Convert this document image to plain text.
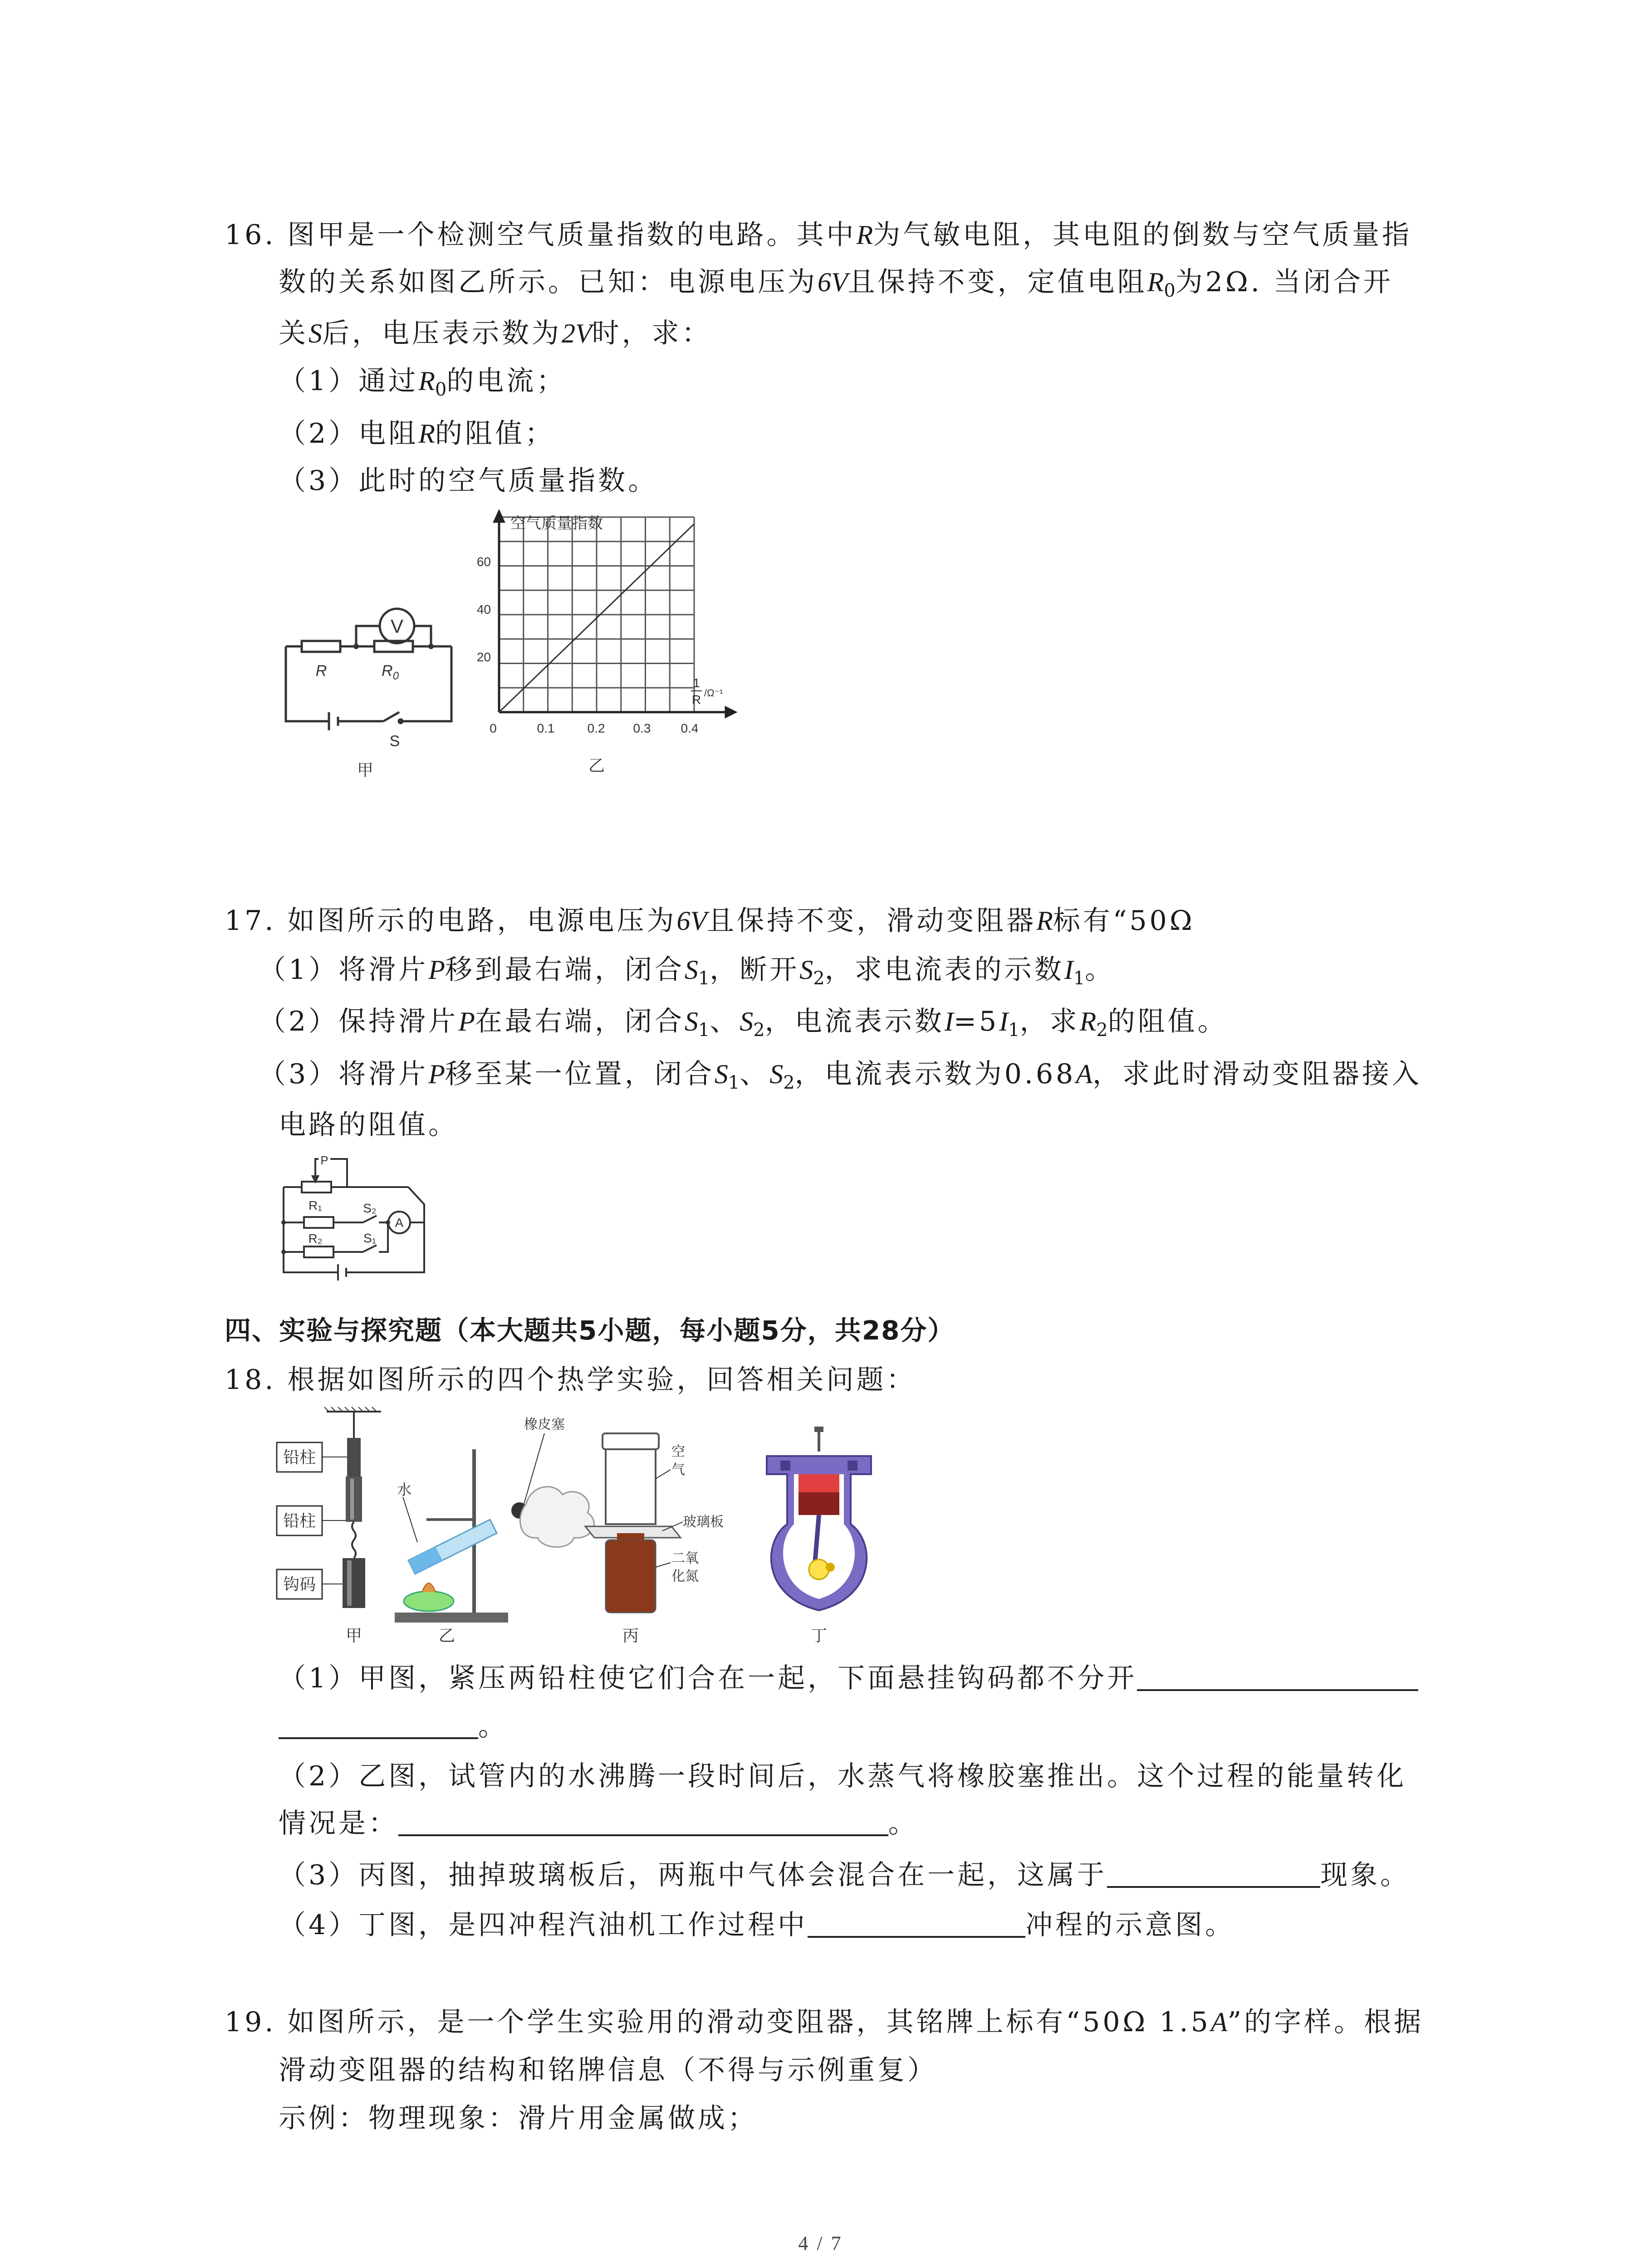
16. 图甲是一个检测空气质量指数的电路。其中R为气敏电阻，其电阻的倒数与空气质量指
数的关系如图乙所示。已知：电源电压为6V且保持不变，定值电阻$R_0$为2Ω. 当闭合开
关S后，电压表示数为2V时，求：
（1）通过$R_0$的电流；
（2）电阻R的阻值；
（3）此时的空气质量指数。
V
R	$R_0$
S
甲
空气质量指数
60
40
20
0	0.1	0.2 0.3 0.4
1
R /Ω⁻¹
乙
17. 如图所示的电路，电源电压为6V且保持不变，滑动变阻器R标有“50Ω
（1）将滑片P移到最右端，闭合$S_1$，断开$S_2$，求电流表的示数$I_1$。
（2）保持滑片P在最右端，闭合$S_1$、$S_2$，电流表示数$I=5I_1$，求$R_2$的阻值。
（3）将滑片P移至某一位置，闭合$S_1$、$S_2$，电流表示数为0.68A，求此时滑动变阻器接入
电路的阻值。
P
R₁	S₂
R₂	S₁
A
四、实验与探究题（本大题共5小题，每小题5分，共28分）
18. 根据如图所示的四个热学实验，回答相关问题：
铅柱
铅柱
钩码
水
橡皮塞
空
气
玻璃板
二氧
化氮
甲	乙	丙	丁
（1）甲图，紧压两铅柱使它们合在一起，下面悬挂钩码都不分开
。
（2）乙图，试管内的水沸腾一段时间后，水蒸气将橡胶塞推出。这个过程的能量转化
情况是：	。
（3）丙图，抽掉玻璃板后，两瓶中气体会混合在一起，这属于	现象。
（4）丁图，是四冲程汽油机工作过程中	冲程的示意图。
19. 如图所示，是一个学生实验用的滑动变阻器，其铭牌上标有“50Ω 1.5A”的字样。根据
滑动变阻器的结构和铭牌信息（不得与示例重复）
示例：物理现象：滑片用金属做成；
4 / 7
